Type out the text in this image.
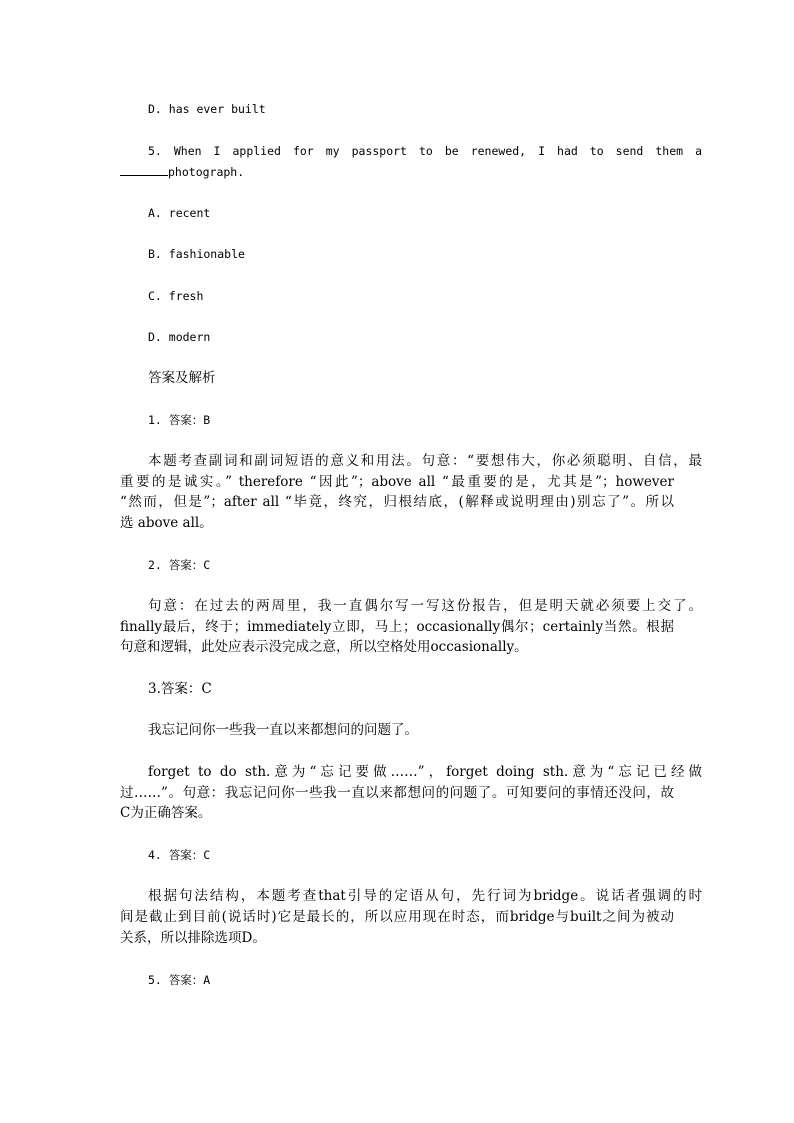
D. has ever built
5. When I applied for my passport to be renewed, I had to send them a
photograph.
A. recent
B. fashionable
C. fresh
D. modern
答案及解析
1. 答案：B
本题考查副词和副词短语的意义和用法。句意：“要想伟大，你必须聪明、自信，最
重要的是诚实。” therefore “因此”；above all “最重要的是，尤其是”；however
“然而，但是”；after all “毕竟，终究，归根结底，(解释或说明理由)别忘了”。所以
选 above all。
2. 答案：C
句意：在过去的两周里，我一直偶尔写一写这份报告，但是明天就必须要上交了。
finally最后，终于；immediately立即，马上；occasionally偶尔；certainly当然。根据
句意和逻辑，此处应表示没完成之意，所以空格处用occasionally。
3.答案：C
我忘记问你一些我一直以来都想问的问题了。
forget to do sth.意为“忘记要做……”，forget doing sth.意为“忘记已经做
过……”。句意：我忘记问你一些我一直以来都想问的问题了。可知要问的事情还没问，故
C为正确答案。
4. 答案：C
根据句法结构，本题考查that引导的定语从句，先行词为bridge。说话者强调的时
间是截止到目前(说话时)它是最长的，所以应用现在时态，而bridge与built之间为被动
关系，所以排除选项D。
5. 答案：A
